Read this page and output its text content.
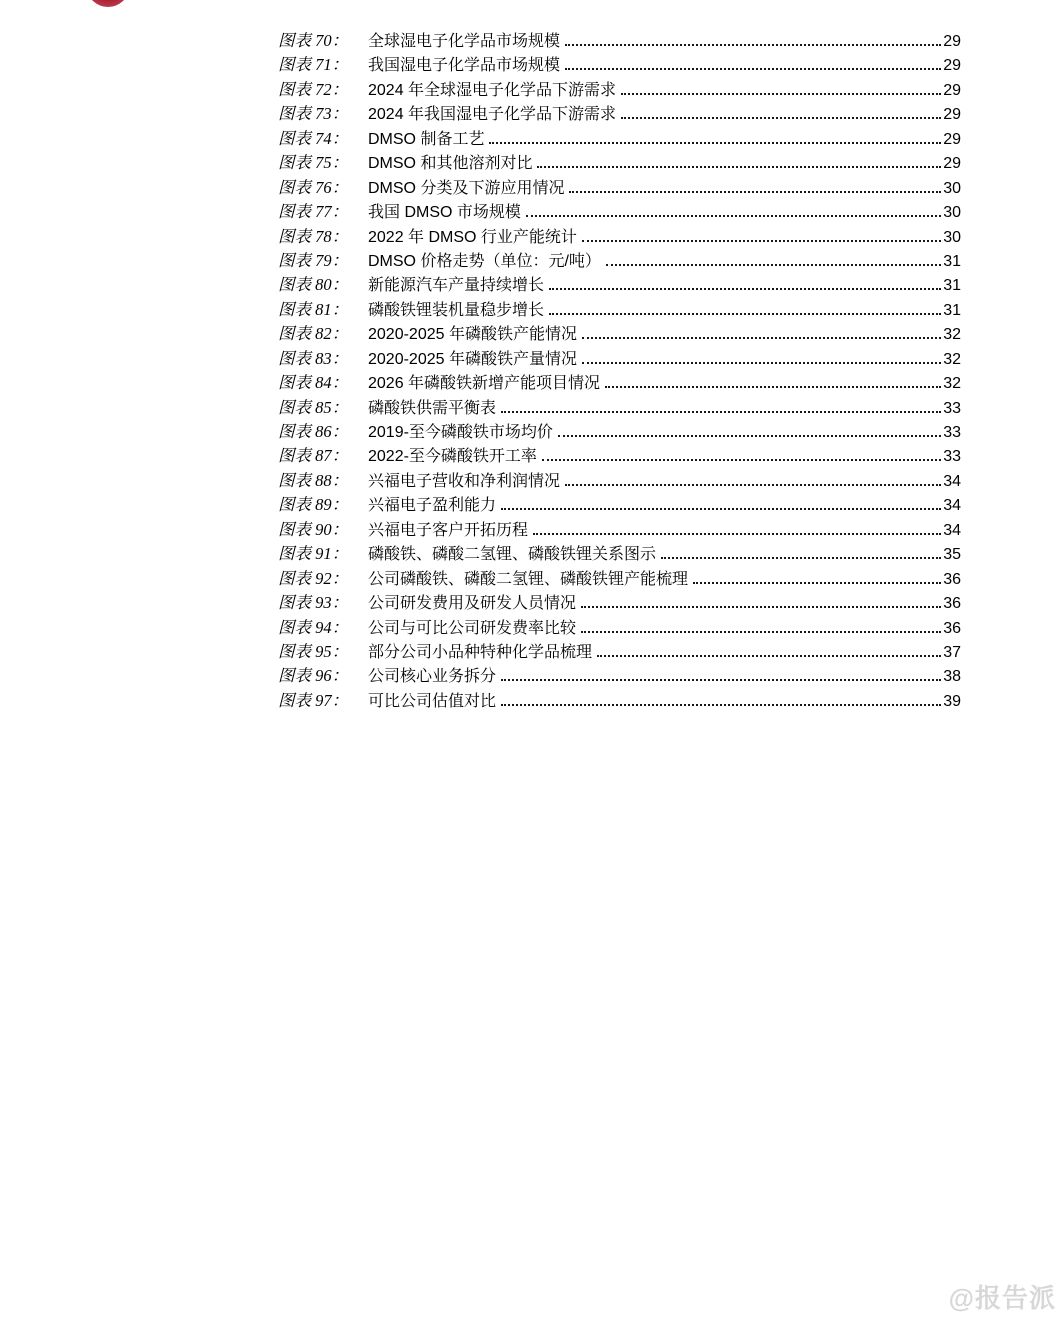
图表 70：	全球湿电子化学品市场规模	29
图表 71：	我国湿电子化学品市场规模	29
图表 72：	2024 年全球湿电子化学品下游需求	29
图表 73：	2024 年我国湿电子化学品下游需求	29
图表 74：	DMSO 制备工艺	29
图表 75：	DMSO 和其他溶剂对比	29
图表 76：	DMSO 分类及下游应用情况	30
图表 77：	我国 DMSO 市场规模	30
图表 78：	2022 年 DMSO 行业产能统计	30
图表 79：	DMSO 价格走势（单位：元/吨）	31
图表 80：	新能源汽车产量持续增长	31
图表 81：	磷酸铁锂装机量稳步增长	31
图表 82：	2020-2025 年磷酸铁产能情况	32
图表 83：	2020-2025 年磷酸铁产量情况	32
图表 84：	2026 年磷酸铁新增产能项目情况	32
图表 85：	磷酸铁供需平衡表	33
图表 86：	2019-至今磷酸铁市场均价	33
图表 87：	2022-至今磷酸铁开工率	33
图表 88：	兴福电子营收和净利润情况	34
图表 89：	兴福电子盈利能力	34
图表 90：	兴福电子客户开拓历程	34
图表 91：	磷酸铁、磷酸二氢锂、磷酸铁锂关系图示	35
图表 92：	公司磷酸铁、磷酸二氢锂、磷酸铁锂产能梳理	36
图表 93：	公司研发费用及研发人员情况	36
图表 94：	公司与可比公司研发费率比较	36
图表 95：	部分公司小品种特种化学品梳理	37
图表 96：	公司核心业务拆分	38
图表 97：	可比公司估值对比	39
@报告派
